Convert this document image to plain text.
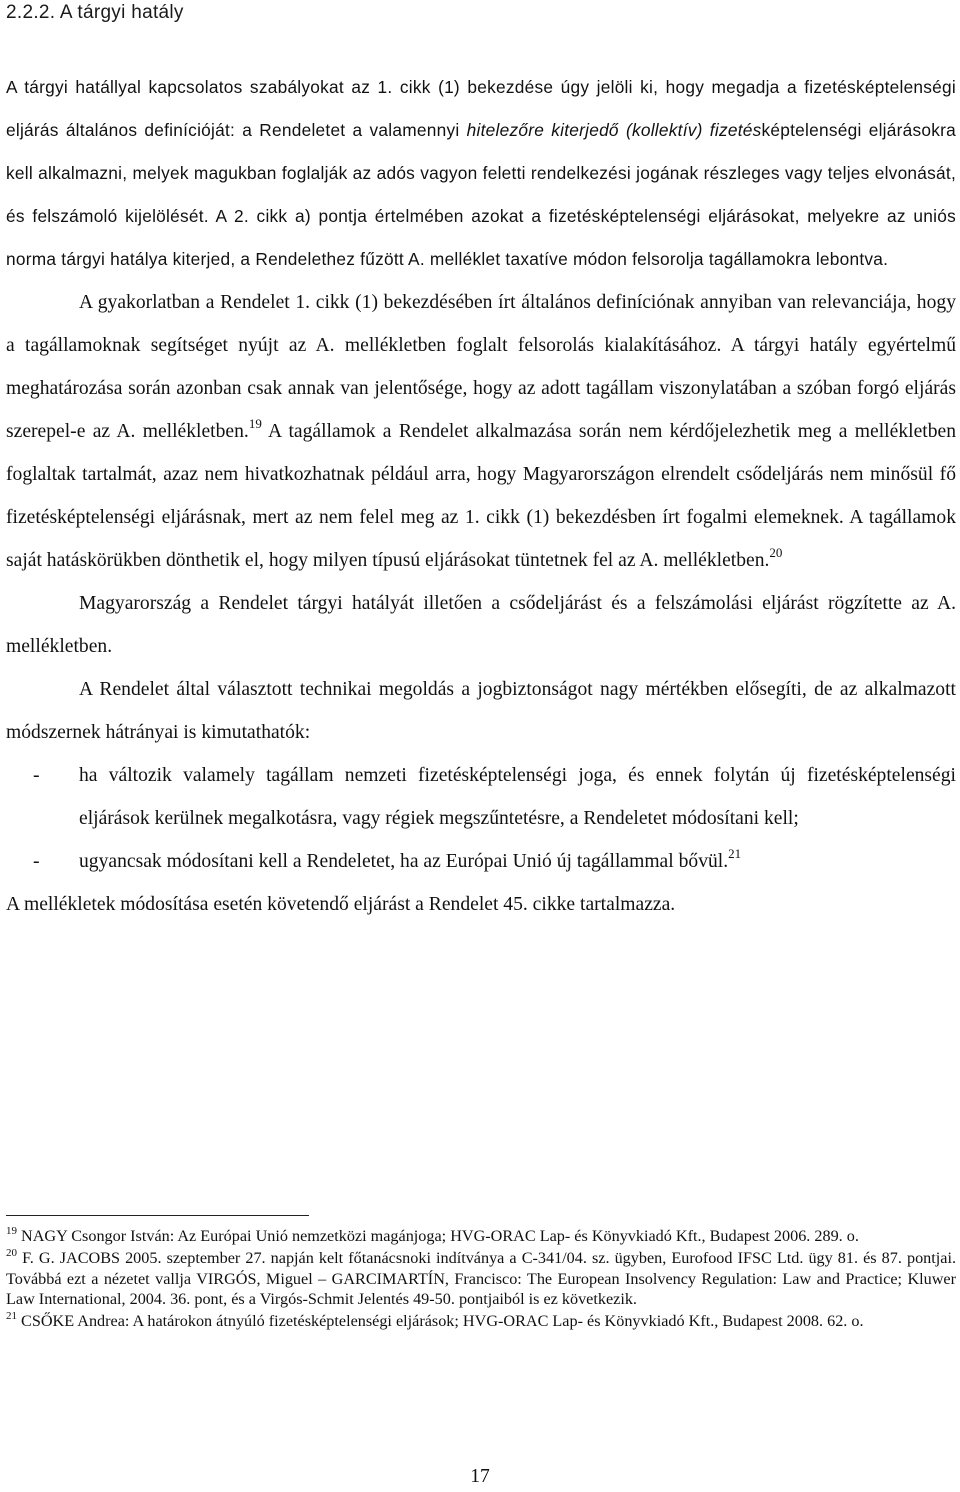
2.2.2. A tárgyi hatály

A tárgyi hatállyal kapcsolatos szabályokat az 1. cikk (1) bekezdése úgy jelöli ki, hogy megadja a fizetésképtelenségi eljárás általános definícióját: a Rendeletet a valamennyi hitelezőre kiterjedő (kollektív) fizetésképtelenségi eljárásokra kell alkalmazni, melyek magukban foglalják az adós vagyon feletti rendelkezési jogának részleges vagy teljes elvonását, és felszámoló kijelölését. A 2. cikk a) pontja értelmében azokat a fizetésképtelenségi eljárásokat, melyekre az uniós norma tárgyi hatálya kiterjed, a Rendelethez fűzött A. melléklet taxatíve módon felsorolja tagállamokra lebontva.

A gyakorlatban a Rendelet 1. cikk (1) bekezdésében írt általános definíciónak annyiban van relevanciája, hogy a tagállamoknak segítséget nyújt az A. mellékletben foglalt felsorolás kialakításához. A tárgyi hatály egyértelmű meghatározása során azonban csak annak van jelentősége, hogy az adott tagállam viszonylatában a szóban forgó eljárás szerepel-e az A. mellékletben.$^{19}$ A tagállamok a Rendelet alkalmazása során nem kérdőjelezhetik meg a mellékletben foglaltak tartalmát, azaz nem hivatkozhatnak például arra, hogy Magyarországon elrendelt csődeljárás nem minősül fő fizetésképtelenségi eljárásnak, mert az nem felel meg az 1. cikk (1) bekezdésben írt fogalmi elemeknek. A tagállamok saját hatáskörükben dönthetik el, hogy milyen típusú eljárásokat tüntetnek fel az A. mellékletben.$^{20}$

Magyarország a Rendelet tárgyi hatályát illetően a csődeljárást és a felszámolási eljárást rögzítette az A. mellékletben.

A Rendelet által választott technikai megoldás a jogbiztonságot nagy mértékben elősegíti, de az alkalmazott módszernek hátrányai is kimutathatók:

- ha változik valamely tagállam nemzeti fizetésképtelenségi joga, és ennek folytán új fizetésképtelenségi eljárások kerülnek megalkotásra, vagy régiek megszűntetésre, a Rendeletet módosítani kell;
- ugyancsak módosítani kell a Rendeletet, ha az Európai Unió új tagállammal bővül.$^{21}$

A mellékletek módosítása esetén követendő eljárást a Rendelet 45. cikke tartalmazza.

$^{19}$ NAGY Csongor István: Az Európai Unió nemzetközi magánjoga; HVG-ORAC Lap- és Könyvkiadó Kft., Budapest 2006. 289. o.

$^{20}$ F. G. JACOBS 2005. szeptember 27. napján kelt főtanácsnoki indítványa a C-341/04. sz. ügyben, Eurofood IFSC Ltd. ügy 81. és 87. pontjai. Továbbá ezt a nézetet vallja VIRGÓS, Miguel – GARCIMARTÍN, Francisco: The European Insolvency Regulation: Law and Practice; Kluwer Law International, 2004. 36. pont, és a Virgós-Schmit Jelentés 49-50. pontjaiból is ez következik.

$^{21}$ CSŐKE Andrea: A határokon átnyúló fizetésképtelenségi eljárások; HVG-ORAC Lap- és Könyvkiadó Kft., Budapest 2008. 62. o.

17
